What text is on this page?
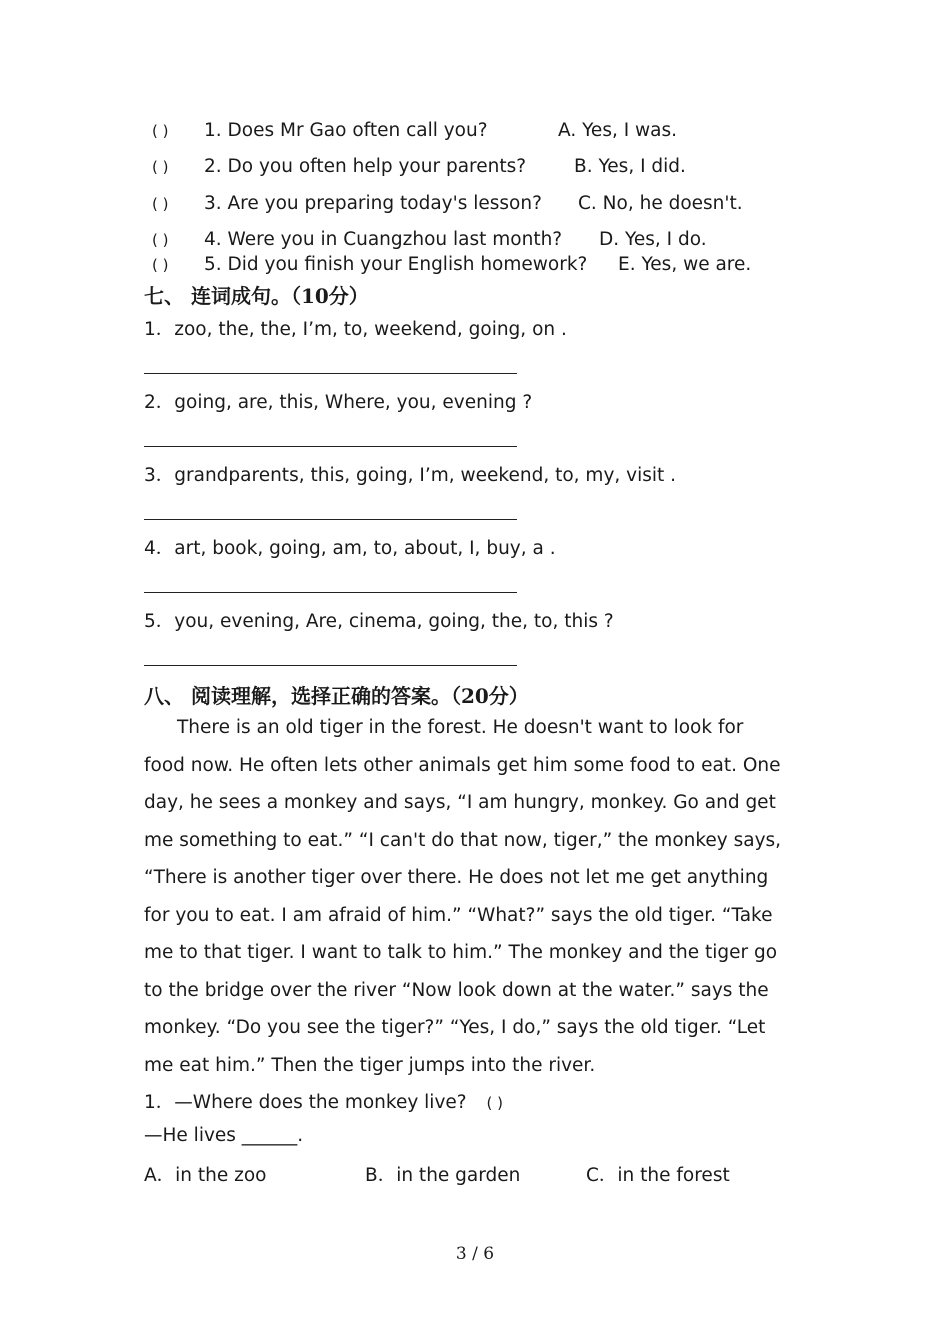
( ) 1. Does Mr Gao often call you?	A. Yes, I was.
( ) 2. Do you often help your parents?	B. Yes, I did.
( ) 3. Are you preparing today's lesson? C. No, he doesn't.
( ) 4. Were you in Cuangzhou last month? D. Yes, I do.
( ) 5. Did you finish your English homework? E. Yes, we are.
七、 连词成句。（10分）
1．zoo, the, the, I’m, to, weekend, going, on .
2．going, are, this, Where, you, evening ?
3．grandparents, this, going, I’m, weekend, to, my, visit .
4．art, book, going, am, to, about, I, buy, a .
5．you, evening, Are, cinema, going, the, to, this ?
八、 阅读理解，选择正确的答案。（20分）
There is an old tiger in the forest. He doesn't want to look for
food now. He often lets other animals get him some food to eat. One
day, he sees a monkey and says, “I am hungry, monkey. Go and get
me something to eat.” “I can't do that now, tiger,” the monkey says,
“There is another tiger over there. He does not let me get anything
for you to eat. I am afraid of him.” “What?” says the old tiger. “Take
me to that tiger. I want to talk to him.” The monkey and the tiger go
to the bridge over the river “Now look down at the water.” says the
monkey. “Do you see the tiger?” “Yes, I do,” says the old tiger. “Let
me eat him.” Then the tiger jumps into the river.
1．—Where does the monkey live? ( )
—He lives ______.
A．in the zoo	B．in the garden	C．in the forest
3 / 6
